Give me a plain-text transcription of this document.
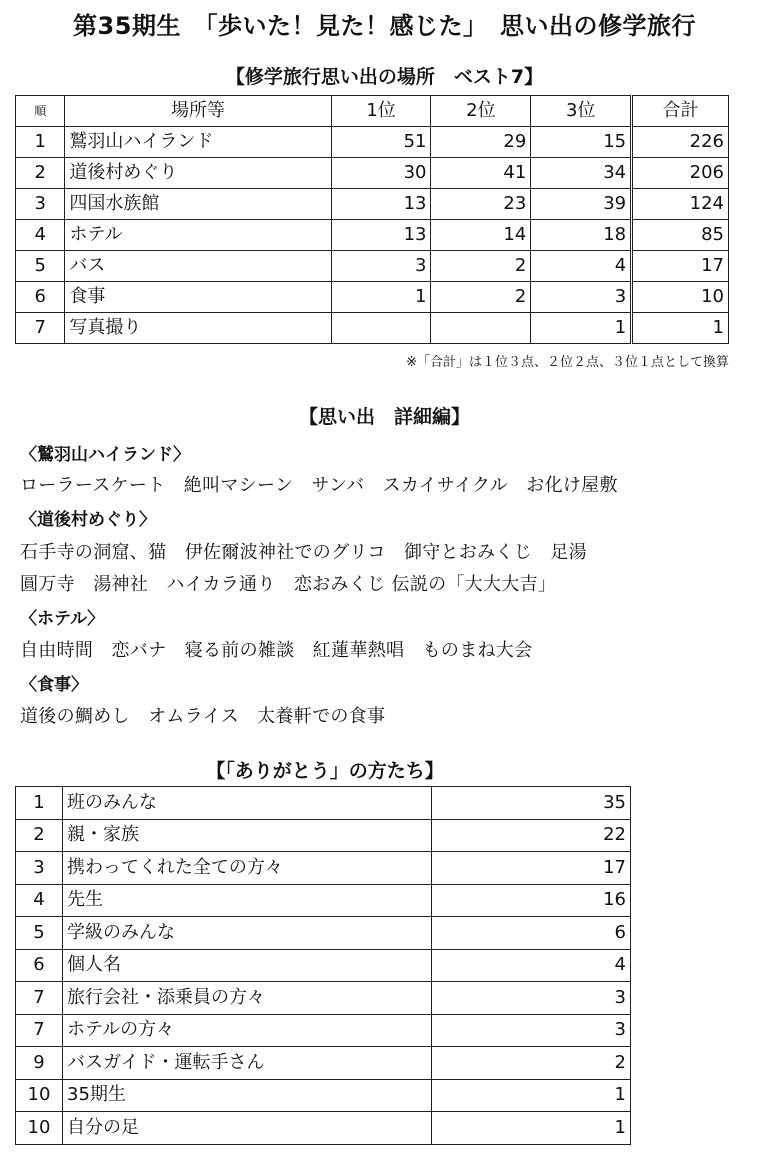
第35期生　「歩いた！見た！感じた」　思い出の修学旅行
【修学旅行思い出の場所　ベスト7】
順	場所等	1位	2位	3位	合計
1	鷲羽山ハイランド	51	29	15	226
2	道後村めぐり	30	41	34	206
3	四国水族館	13	23	39	124
4	ホテル	13	14	18	85
5	バス	3	2	4	17
6	食事	1	2	3	10
7	写真撮り			1	1
※「合計」は１位３点、２位２点、３位１点として換算
【思い出　詳細編】
〈鷲羽山ハイランド〉
ローラースケート　絶叫マシーン　サンバ　スカイサイクル　お化け屋敷
〈道後村めぐり〉
石手寺の洞窟、猫　伊佐爾波神社でのグリコ　御守とおみくじ　足湯
圓万寺　湯神社　ハイカラ通り　恋おみくじ 伝説の「大大大吉」
〈ホテル〉
自由時間　恋バナ　寝る前の雑談　紅蓮華熱唱　ものまね大会
〈食事〉
道後の鯛めし　オムライス　太養軒での食事
【「ありがとう」の方たち】
1	班のみんな	35
2	親・家族	22
3	携わってくれた全ての方々	17
4	先生	16
5	学級のみんな	6
6	個人名	4
7	旅行会社・添乗員の方々	3
7	ホテルの方々	3
9	バスガイド・運転手さん	2
10	35期生	1
10	自分の足	1
